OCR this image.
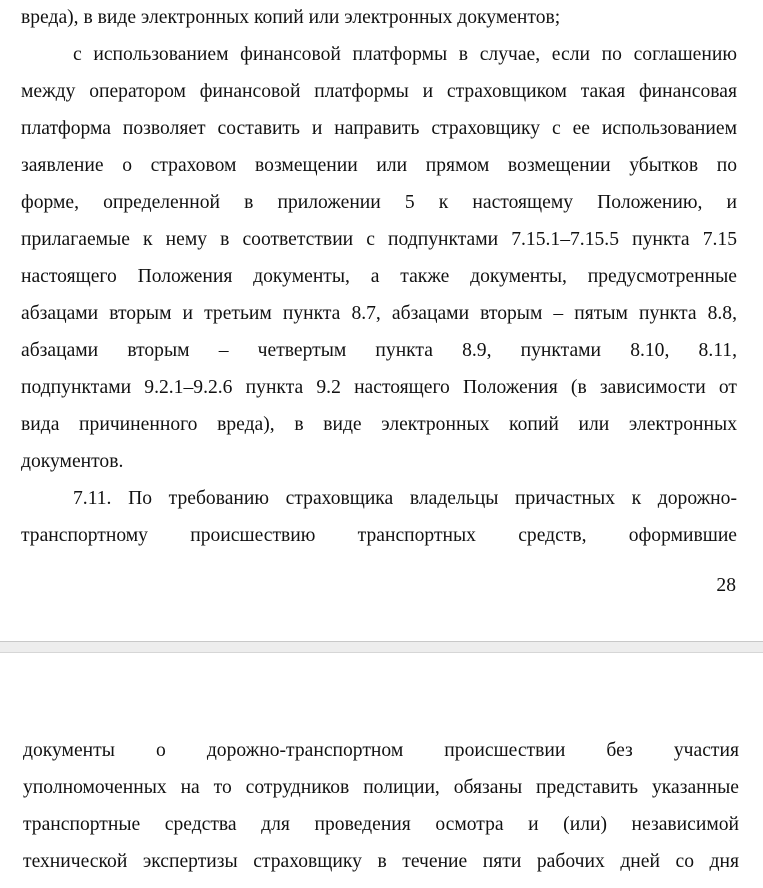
вреда), в виде электронных копий или электронных документов;
с использованием финансовой платформы в случае, если по соглашению
между оператором финансовой платформы и страховщиком такая финансовая
платформа позволяет составить и направить страховщику с ее использованием
заявление о страховом возмещении или прямом возмещении убытков по
форме, определенной в приложении 5 к настоящему Положению, и
прилагаемые к нему в соответствии с подпунктами 7.15.1–7.15.5 пункта 7.15
настоящего Положения документы, а также документы, предусмотренные
абзацами вторым и третьим пункта 8.7, абзацами вторым – пятым пункта 8.8,
абзацами вторым – четвертым пункта 8.9, пунктами 8.10, 8.11,
подпунктами 9.2.1–9.2.6 пункта 9.2 настоящего Положения (в зависимости от
вида причиненного вреда), в виде электронных копий или электронных
документов.
7.11. По требованию страховщика владельцы причастных к дорожно-
транспортному происшествию транспортных средств, оформившие
28
документы о дорожно-транспортном происшествии без участия
уполномоченных на то сотрудников полиции, обязаны представить указанные
транспортные средства для проведения осмотра и (или) независимой
технической экспертизы страховщику в течение пяти рабочих дней со дня
